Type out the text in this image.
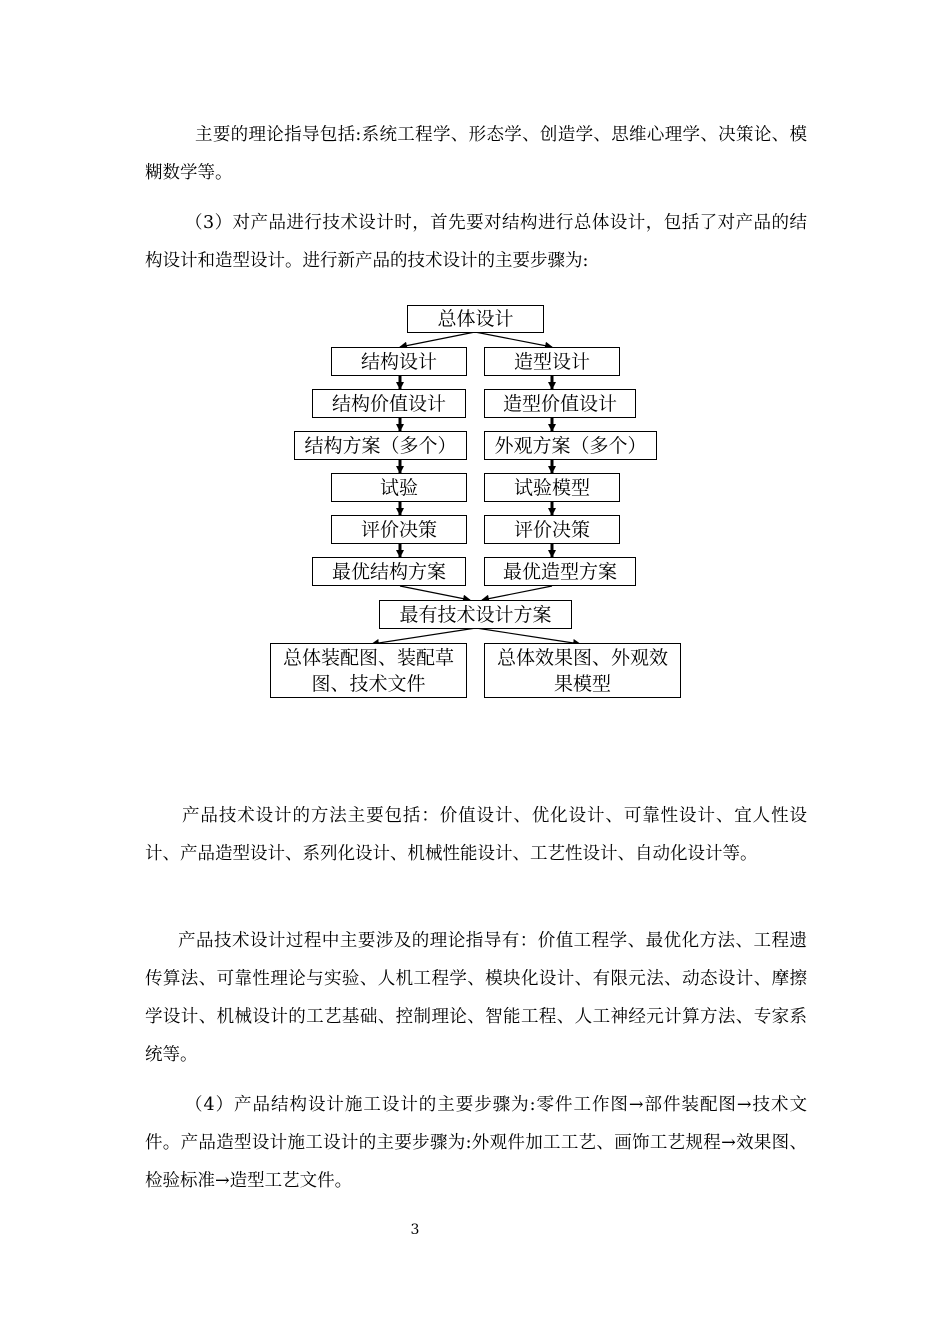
主要的理论指导包括:系统工程学、形态学、创造学、思维心理学、决策论、模糊数学等。

（3）对产品进行技术设计时，首先要对结构进行总体设计，包括了对产品的结构设计和造型设计。进行新产品的技术设计的主要步骤为:

总体设计
结构设计	造型设计
结构价值设计	造型价值设计
结构方案（多个）	外观方案（多个）
试验	试验模型
评价决策	评价决策
最优结构方案	最优造型方案
最有技术设计方案
总体装配图、装配草图、技术文件
总体效果图、外观效果模型

产品技术设计的方法主要包括：价值设计、优化设计、可靠性设计、宜人性设计、产品造型设计、系列化设计、机械性能设计、工艺性设计、自动化设计等。

产品技术设计过程中主要涉及的理论指导有：价值工程学、最优化方法、工程遗传算法、可靠性理论与实验、人机工程学、模块化设计、有限元法、动态设计、摩擦学设计、机械设计的工艺基础、控制理论、智能工程、人工神经元计算方法、专家系统等。

（4）产品结构设计施工设计的主要步骤为:零件工作图→部件装配图→技术文件。产品造型设计施工设计的主要步骤为:外观件加工工艺、画饰工艺规程→效果图、检验标准→造型工艺文件。

3
